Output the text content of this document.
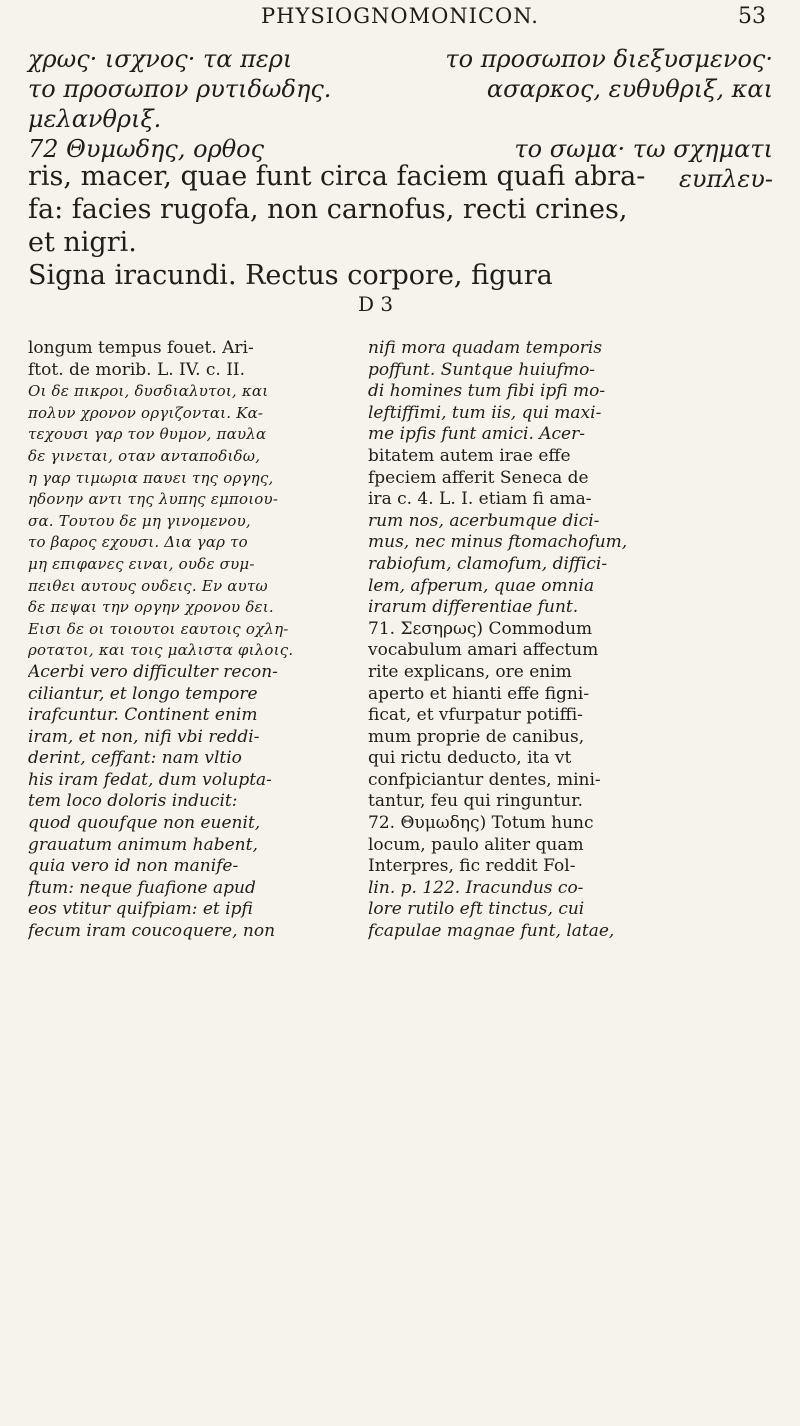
PHYSIOGNOMONICON.	53
χρως· ισχνος· τα περι	το προσωπον διεξυσμενος·
το προσωπον ρυτιδωδης.	ασαρκος, ευθυθριξ, και
μελανθριξ.
72 Θυμωδης, ορθος	το σωμα· τω σχηματι
ευπλευ-
ris, macer, quae funt circa faciem quafi abra-
fa: facies rugofa, non carnofus, recti crines,
et nigri.
Signa iracundi. Rectus corpore, figura
D 3
longum tempus fouet. Ari-
ftot. de morib. L. IV. c. II.
Οι δε πικροι, δυσδιαλυτοι, και
πολυν χρονον οργιζονται. Κα-
τεχουσι γαρ τον θυμον, παυλα
δε γινεται, οταν ανταποδιδω,
η γαρ τιμωρια παυει της οργης,
ηδονην αντι της λυπης εμποιου-
σα. Τουτου δε μη γινομενου,
το βαρος εχουσι. Δια γαρ το
μη επιφανες ειναι, ουδε συμ-
πειθει αυτους ουδεις. Εν αυτω
δε πεψαι την οργην χρονου δει.
Εισι δε οι τοιουτοι εαυτοις οχλη-
ροτατοι, και τοις μαλιστα φιλοις.
Acerbi vero difficulter recon-
ciliantur, et longo tempore
irafcuntur. Continent enim
iram, et non, nifi vbi reddi-
derint, ceffant: nam vltio
his iram fedat, dum volupta-
tem loco doloris inducit:
quod quoufque non euenit,
grauatum animum habent,
quia vero id non manife-
ftum: neque fuafione apud
eos vtitur quifpiam: et ipfi
fecum iram coucoquere, non
nifi mora quadam temporis
poffunt. Suntque huiufmo-
di homines tum fibi ipfi mo-
leftiffimi, tum iis, qui maxi-
me ipfis funt amici. Acer-
bitatem autem irae effe
fpeciem afferit Seneca de
ira c. 4. L. I. etiam fi ama-
rum nos, acerbumque dici-
mus, nec minus ftomachofum,
rabiofum, clamofum, diffici-
lem, afperum, quae omnia
irarum differentiae funt.
71. Σεσηρως) Commodum
vocabulum amari affectum
rite explicans, ore enim
aperto et hianti effe figni-
ficat, et vfurpatur potiffi-
mum proprie de canibus,
qui rictu deducto, ita vt
confpiciantur dentes, mini-
tantur, feu qui ringuntur.
72. Θυμωδης) Totum hunc
locum, paulo aliter quam
Interpres, fic reddit Fol-
lin. p. 122. Iracundus co-
lore rutilo eft tinctus, cui
fcapulae magnae funt, latae,
